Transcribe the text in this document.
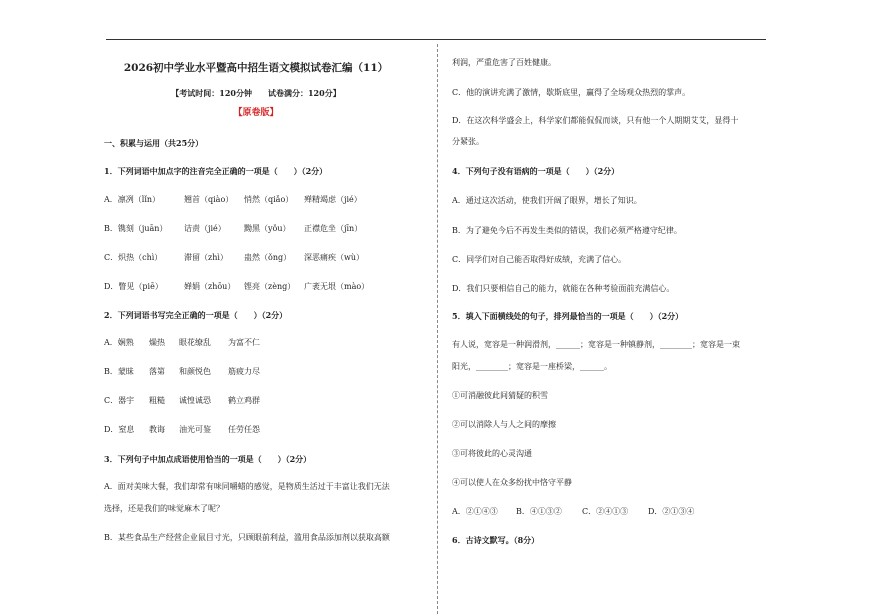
2026初中学业水平暨高中招生语文模拟试卷汇编（11）
【考试时间：120分钟　　试卷满分：120分】
【原卷版】
一、积累与运用（共25分）
1．下列词语中加点字的注音完全正确的一项是（　　）（2分）
A．凛冽（lǐn）	翘首（qiào） 悄然（qiǎo） 殚精竭虑（jié）
B．镌刻（juān） 诘责（jié） 黝黑（yǒu） 正襟危坐（jīn）
C．炽热（chì）	滞留（zhì） 蛊然（ǒng） 深恶痛疾（wù）
D．瞥见（piē）	婵娟（zhōu） 铿亮（zèng） 广袤无垠（mào）
2．下列词语书写完全正确的一项是（　　）（2分）
A．娴熟 燥热 眼花缭乱 为富不仁
B．蒙昧 落第 和颜悦色 筋疲力尽
C．器宇 粗糙 诚惶诚恐 鹤立鸡群
D．窒息 教诲 油光可鉴 任劳任怨
3．下列句子中加点成语使用恰当的一项是（　　）（2分）
A．面对美味大餐，我们却常有味同嚼蜡的感觉，是物质生活过于丰富让我们无法
选择，还是我们的味觉麻木了呢？
B．某些食品生产经营企业鼠目寸光，只顾眼前利益，滥用食品添加剂以获取高额
利润，严重危害了百姓健康。
C．他的演讲充满了激情，歇斯底里，赢得了全场观众热烈的掌声。
D．在这次科学盛会上，科学家们都能侃侃而谈，只有他一个人期期艾艾，显得十
分紧张。
4．下列句子没有语病的一项是（　　）（2分）
A．通过这次活动，使我们开阔了眼界，增长了知识。
B．为了避免今后不再发生类似的错误，我们必须严格遵守纪律。
C．同学们对自己能否取得好成绩，充满了信心。
D．我们只要相信自己的能力，就能在各种考验面前充满信心。
5．填入下面横线处的句子，排列最恰当的一项是（　　）（2分）
有人说，宽容是一种润滑剂，______；宽容是一种镇静剂，________；宽容是一束
阳光，________；宽容是一座桥梁，______。
①可消融彼此间猜疑的积雪
②可以消除人与人之间的摩擦
③可将彼此的心灵沟通
④可以使人在众多纷扰中恪守平静
A．②①④③ B．④①③②	C．②④①③ D．②①③④
6．古诗文默写。（8分）
